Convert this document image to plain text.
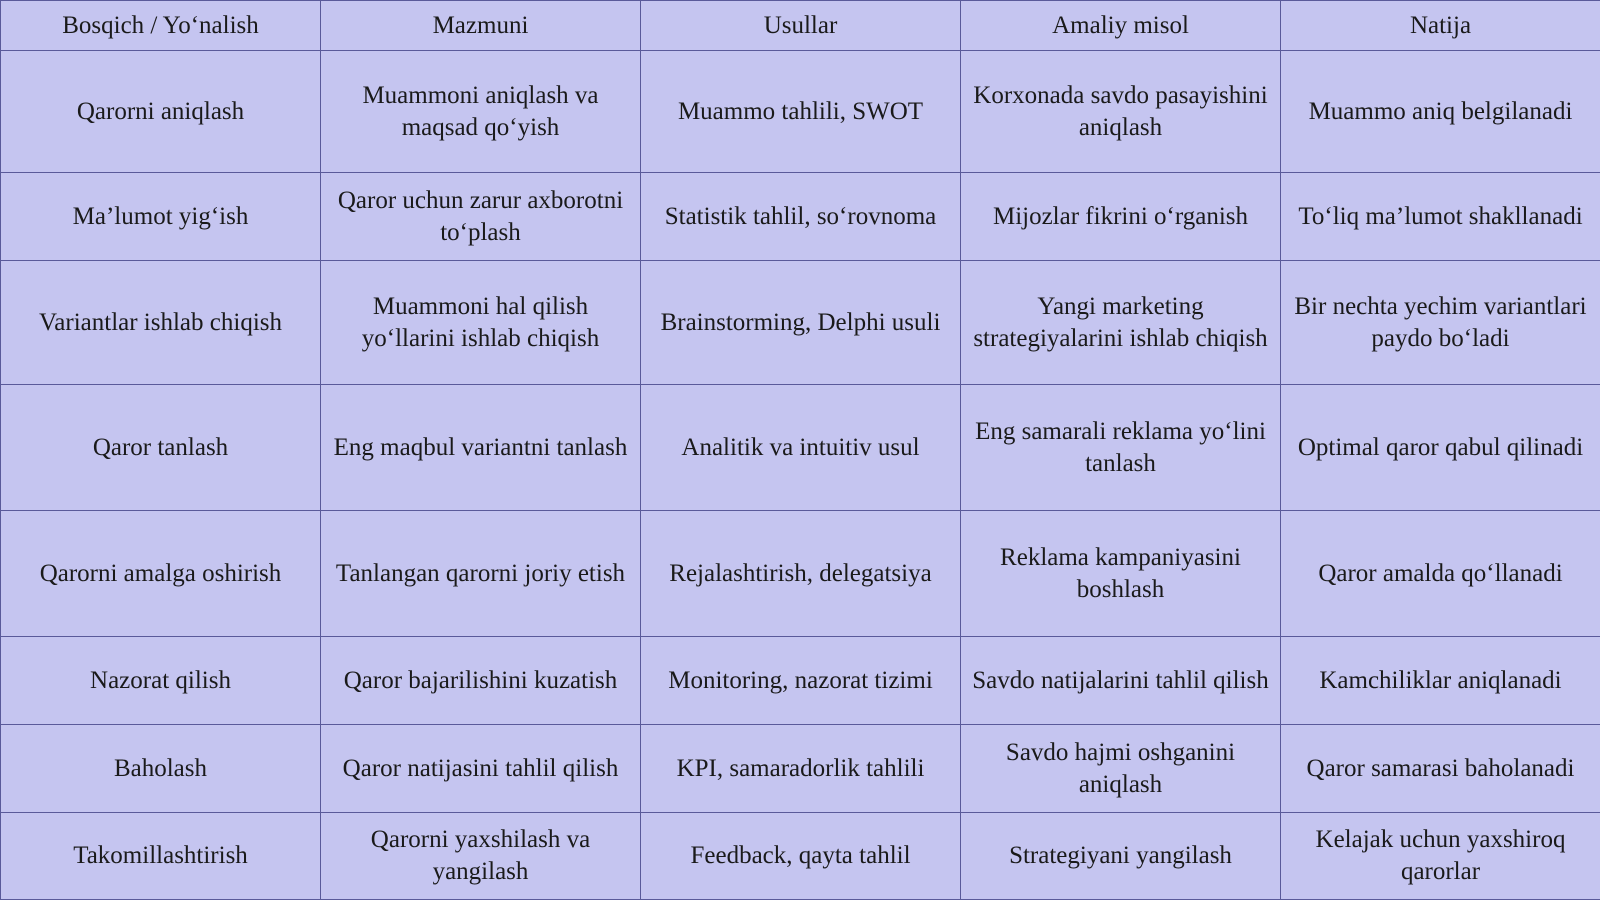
Bosqich / Yo‘nalish	Mazmuni	Usullar	Amaliy misol	Natija
Qarorni aniqlash	Muammoni aniqlash va maqsad qo‘yish	Muammo tahlili, SWOT	Korxonada savdo pasayishini aniqlash	Muammo aniq belgilanadi
Ma’lumot yig‘ish	Qaror uchun zarur axborotni to‘plash	Statistik tahlil, so‘rovnoma	Mijozlar fikrini o‘rganish	To‘liq ma’lumot shakllanadi
Variantlar ishlab chiqish	Muammoni hal qilish yo‘llarini ishlab chiqish	Brainstorming, Delphi usuli	Yangi marketing strategiyalarini ishlab chiqish	Bir nechta yechim variantlari paydo bo‘ladi
Qaror tanlash	Eng maqbul variantni tanlash	Analitik va intuitiv usul	Eng samarali reklama yo‘lini tanlash	Optimal qaror qabul qilinadi
Qarorni amalga oshirish	Tanlangan qarorni joriy etish	Rejalashtirish, delegatsiya	Reklama kampaniyasini boshlash	Qaror amalda qo‘llanadi
Nazorat qilish	Qaror bajarilishini kuzatish	Monitoring, nazorat tizimi	Savdo natijalarini tahlil qilish	Kamchiliklar aniqlanadi
Baholash	Qaror natijasini tahlil qilish	KPI, samaradorlik tahlili	Savdo hajmi oshganini aniqlash	Qaror samarasi baholanadi
Takomillashtirish	Qarorni yaxshilash va yangilash	Feedback, qayta tahlil	Strategiyani yangilash	Kelajak uchun yaxshiroq qarorlar
